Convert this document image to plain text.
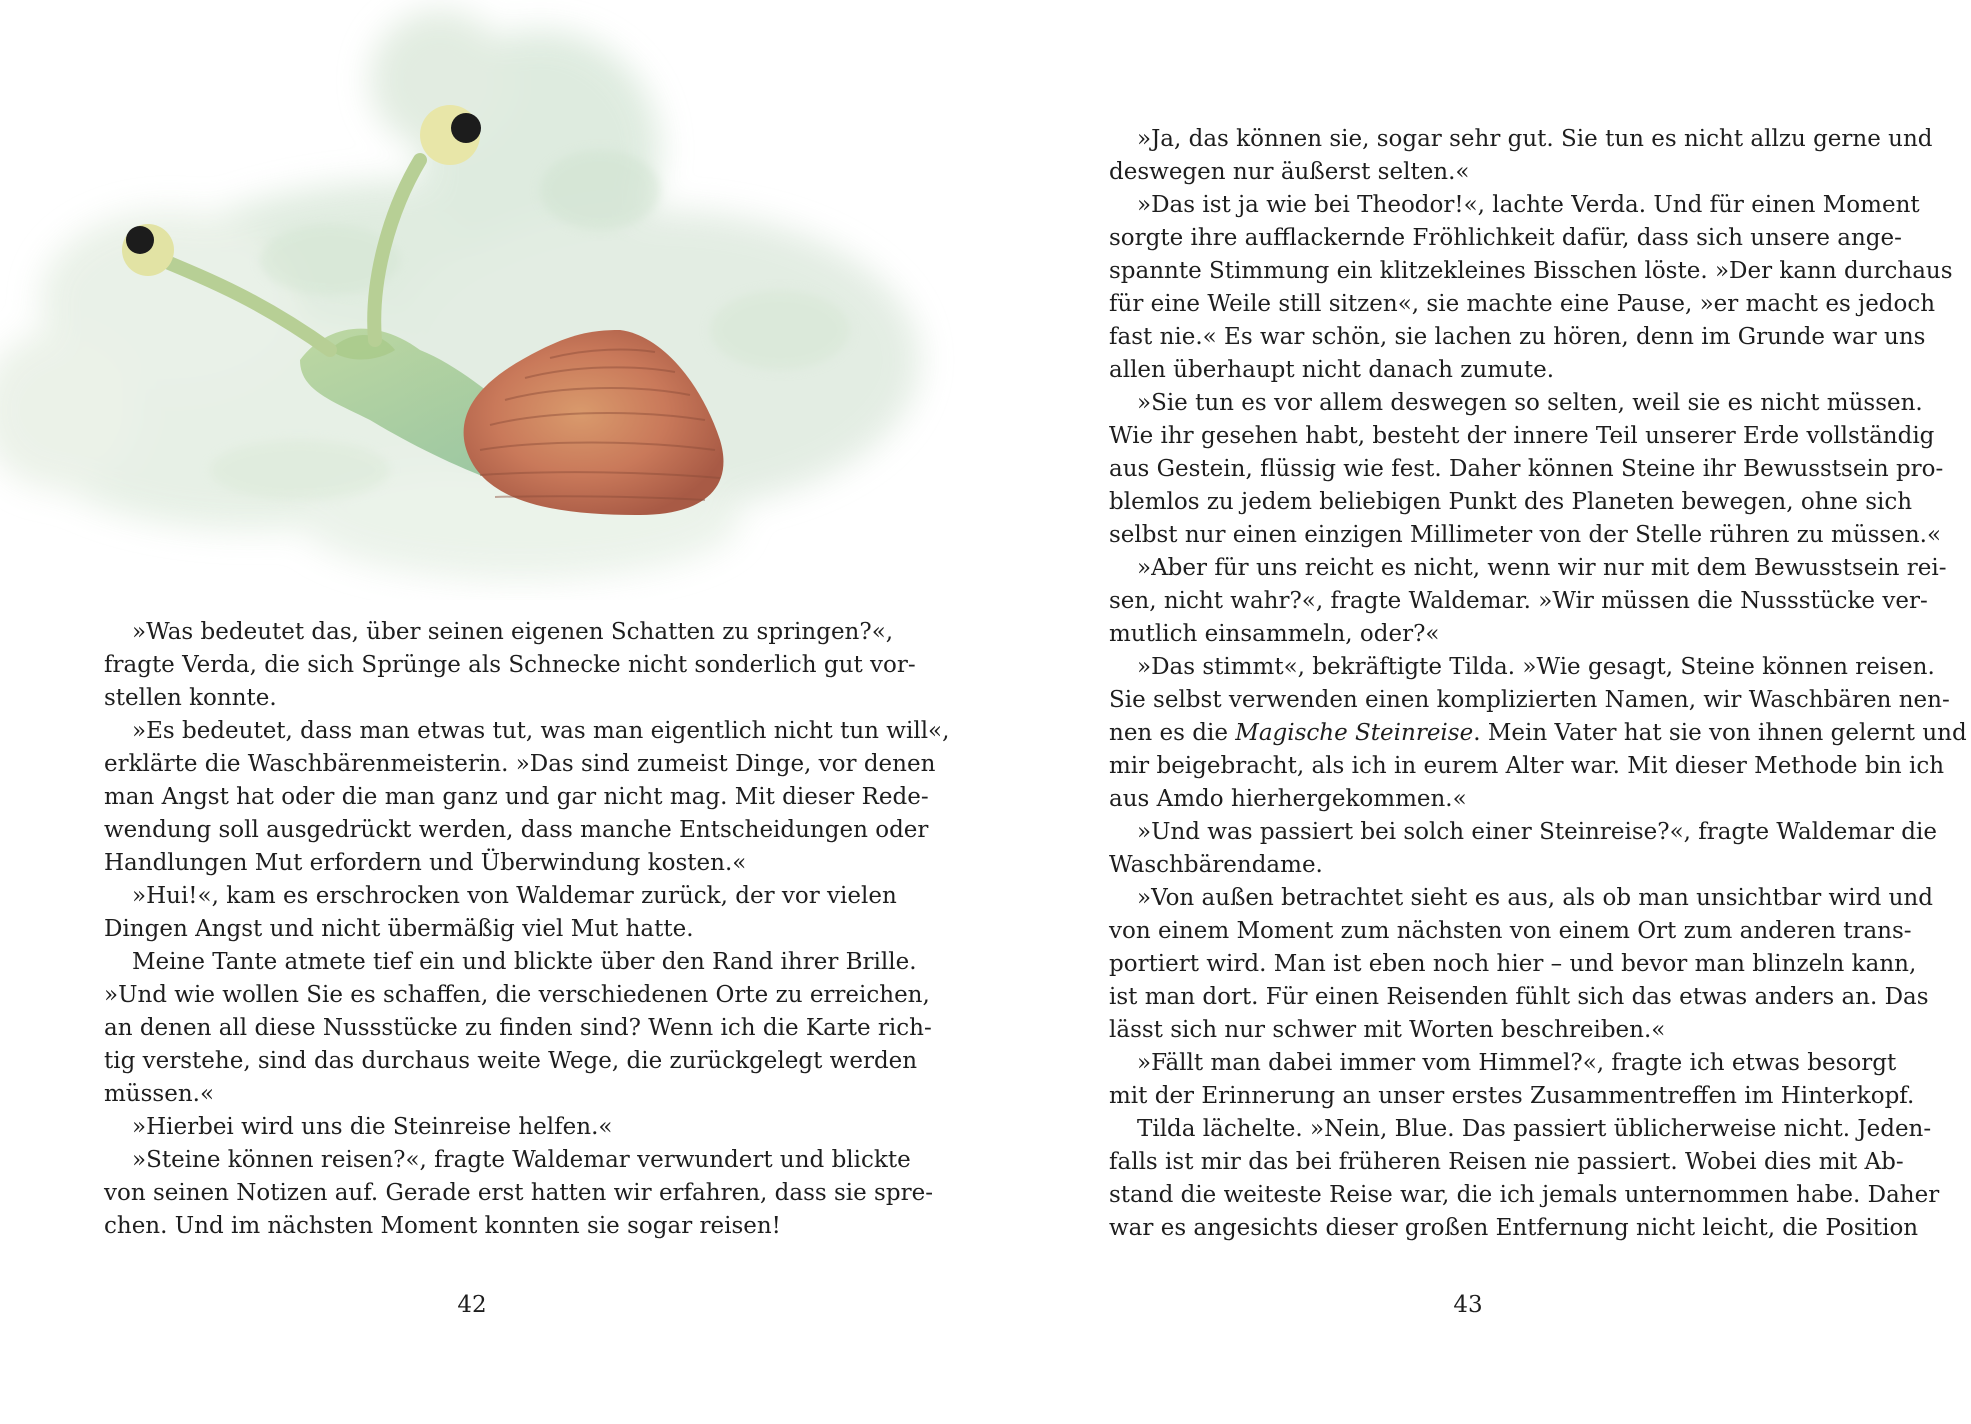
»Was bedeutet das, über seinen eigenen Schatten zu springen?«,
fragte Verda, die sich Sprünge als Schnecke nicht sonderlich gut vor-
stellen konnte.
»Es bedeutet, dass man etwas tut, was man eigentlich nicht tun will«,
erklärte die Waschbärenmeisterin. »Das sind zumeist Dinge, vor denen
man Angst hat oder die man ganz und gar nicht mag. Mit dieser Rede-
wendung soll ausgedrückt werden, dass manche Entscheidungen oder
Handlungen Mut erfordern und Überwindung kosten.«
»Hui!«, kam es erschrocken von Waldemar zurück, der vor vielen
Dingen Angst und nicht übermäßig viel Mut hatte.
Meine Tante atmete tief ein und blickte über den Rand ihrer Brille.
»Und wie wollen Sie es schaffen, die verschiedenen Orte zu erreichen,
an denen all diese Nussstücke zu finden sind? Wenn ich die Karte rich-
tig verstehe, sind das durchaus weite Wege, die zurückgelegt werden
müssen.«
»Hierbei wird uns die Steinreise helfen.«
»Steine können reisen?«, fragte Waldemar verwundert und blickte
von seinen Notizen auf. Gerade erst hatten wir erfahren, dass sie spre-
chen. Und im nächsten Moment konnten sie sogar reisen!
42
»Ja, das können sie, sogar sehr gut. Sie tun es nicht allzu gerne und
deswegen nur äußerst selten.«
»Das ist ja wie bei Theodor!«, lachte Verda. Und für einen Moment
sorgte ihre aufflackernde Fröhlichkeit dafür, dass sich unsere ange-
spannte Stimmung ein klitzekleines Bisschen löste. »Der kann durchaus
für eine Weile still sitzen«, sie machte eine Pause, »er macht es jedoch
fast nie.« Es war schön, sie lachen zu hören, denn im Grunde war uns
allen überhaupt nicht danach zumute.
»Sie tun es vor allem deswegen so selten, weil sie es nicht müssen.
Wie ihr gesehen habt, besteht der innere Teil unserer Erde vollständig
aus Gestein, flüssig wie fest. Daher können Steine ihr Bewusstsein pro-
blemlos zu jedem beliebigen Punkt des Planeten bewegen, ohne sich
selbst nur einen einzigen Millimeter von der Stelle rühren zu müssen.«
»Aber für uns reicht es nicht, wenn wir nur mit dem Bewusstsein rei-
sen, nicht wahr?«, fragte Waldemar. »Wir müssen die Nussstücke ver-
mutlich einsammeln, oder?«
»Das stimmt«, bekräftigte Tilda. »Wie gesagt, Steine können reisen.
Sie selbst verwenden einen komplizierten Namen, wir Waschbären nen-
nen es die Magische Steinreise. Mein Vater hat sie von ihnen gelernt und
mir beigebracht, als ich in eurem Alter war. Mit dieser Methode bin ich
aus Amdo hierhergekommen.«
»Und was passiert bei solch einer Steinreise?«, fragte Waldemar die
Waschbärendame.
»Von außen betrachtet sieht es aus, als ob man unsichtbar wird und
von einem Moment zum nächsten von einem Ort zum anderen trans-
portiert wird. Man ist eben noch hier – und bevor man blinzeln kann,
ist man dort. Für einen Reisenden fühlt sich das etwas anders an. Das
lässt sich nur schwer mit Worten beschreiben.«
»Fällt man dabei immer vom Himmel?«, fragte ich etwas besorgt
mit der Erinnerung an unser erstes Zusammentreffen im Hinterkopf.
Tilda lächelte. »Nein, Blue. Das passiert üblicherweise nicht. Jeden-
falls ist mir das bei früheren Reisen nie passiert. Wobei dies mit Ab-
stand die weiteste Reise war, die ich jemals unternommen habe. Daher
war es angesichts dieser großen Entfernung nicht leicht, die Position
43
